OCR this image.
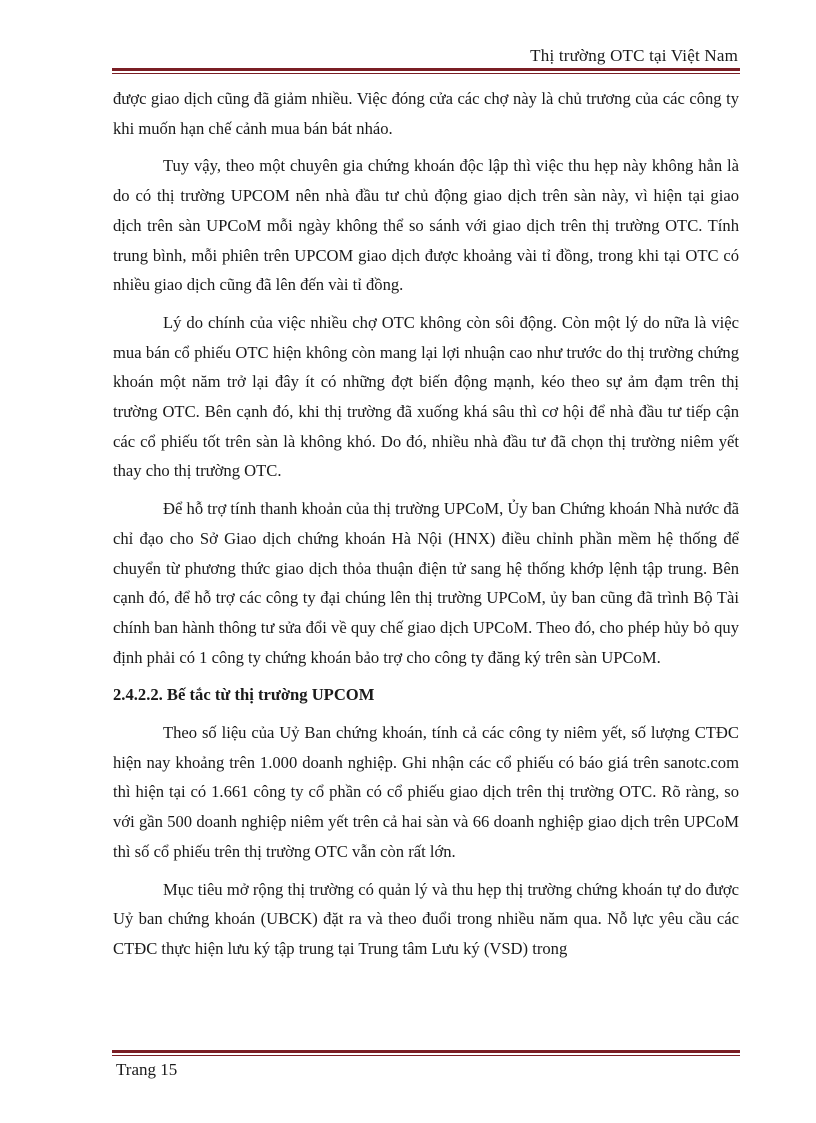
Thị trường OTC tại Việt Nam

được giao dịch cũng đã giảm nhiều. Việc đóng cửa các chợ này là chủ trương của các công ty khi muốn hạn chế cảnh mua bán bát nháo.

Tuy vậy, theo một chuyên gia chứng khoán độc lập thì việc thu hẹp này không hẳn là do có thị trường UPCOM nên nhà đầu tư chủ động giao dịch trên sàn này, vì hiện tại giao dịch trên sàn UPCoM mỗi ngày không thể so sánh với giao dịch trên thị trường OTC. Tính trung bình, mỗi phiên trên UPCOM giao dịch được khoảng vài tỉ đồng, trong khi tại OTC có nhiều giao dịch cũng đã lên đến vài tỉ đồng.

Lý do chính của việc nhiều chợ OTC không còn sôi động. Còn một lý do nữa là việc mua bán cổ phiếu OTC hiện không còn mang lại lợi nhuận cao như trước do thị trường chứng khoán một năm trở lại đây ít có những đợt biến động mạnh, kéo theo sự ảm đạm trên thị trường OTC. Bên cạnh đó, khi thị trường đã xuống khá sâu thì cơ hội để nhà đầu tư tiếp cận các cổ phiếu tốt trên sàn là không khó. Do đó, nhiều nhà đầu tư đã chọn thị trường niêm yết thay cho thị trường OTC.

Để hỗ trợ tính thanh khoản của thị trường UPCoM, Ủy ban Chứng khoán Nhà nước đã chỉ đạo cho Sở Giao dịch chứng khoán Hà Nội (HNX) điều chỉnh phần mềm hệ thống để chuyển từ phương thức giao dịch thỏa thuận điện tử sang hệ thống khớp lệnh tập trung. Bên cạnh đó, để hỗ trợ các công ty đại chúng lên thị trường UPCoM, ủy ban cũng đã trình Bộ Tài chính ban hành thông tư sửa đổi về quy chế giao dịch UPCoM. Theo đó, cho phép hủy bỏ quy định phải có 1 công ty chứng khoán bảo trợ cho công ty đăng ký trên sàn UPCoM.

2.4.2.2. Bế tắc từ thị trường UPCOM

Theo số liệu của Uỷ Ban chứng khoán, tính cả các công ty niêm yết, số lượng CTĐC hiện nay khoảng trên 1.000 doanh nghiệp. Ghi nhận các cổ phiếu có báo giá trên sanotc.com thì hiện tại có 1.661 công ty cổ phần có cổ phiếu giao dịch trên thị trường OTC. Rõ ràng, so với gần 500 doanh nghiệp niêm yết trên cả hai sàn và 66 doanh nghiệp giao dịch trên UPCoM thì số cổ phiếu trên thị trường OTC vẫn còn rất lớn.

Mục tiêu mở rộng thị trường có quản lý và thu hẹp thị trường chứng khoán tự do được Uỷ ban chứng khoán (UBCK) đặt ra và theo đuổi trong nhiều năm qua. Nỗ lực yêu cầu các CTĐC thực hiện lưu ký tập trung tại Trung tâm Lưu ký (VSD) trong

Trang 15
